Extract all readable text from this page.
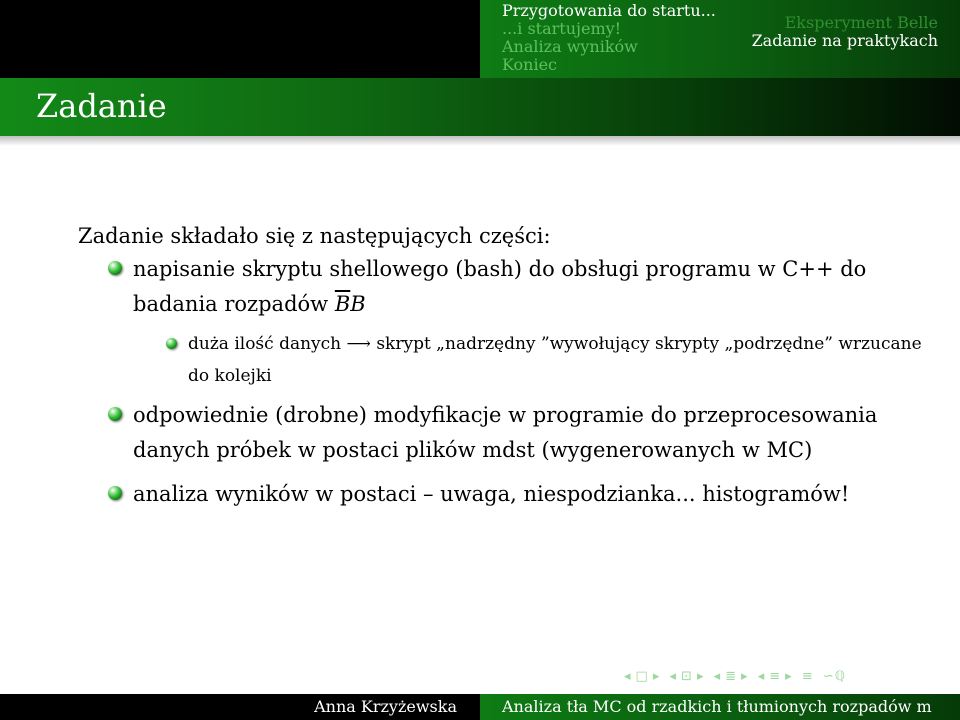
Eksperyment Belle
Zadanie na praktykach
Przygotowania do startu...
...i startujemy!
Analiza wyników
Koniec
Zadanie
Zadanie składało się z następujących części:
napisanie skryptu shellowego (bash) do obsługi programu w C++ do badania rozpadów $\overline{B}B$
duża ilość danych ⟶ skrypt „nadrzędny ”wywołujący skrypty „podrzędne” wrzucane do kolejki
odpowiednie (drobne) modyfikacje w programie do przeprocesowania danych próbek w postaci plików mdst (wygenerowanych w MC)
analiza wyników w postaci – uwaga, niespodzianka... histogramów!
◂ □ ▸ ◂ ⊡ ▸ ◂ ≣ ▸ ◂ ≡ ▸ ≡ ∽ℚ
Anna Krzyżewska	Analiza tła MC od rzadkich i tłumionych rozpadów m
